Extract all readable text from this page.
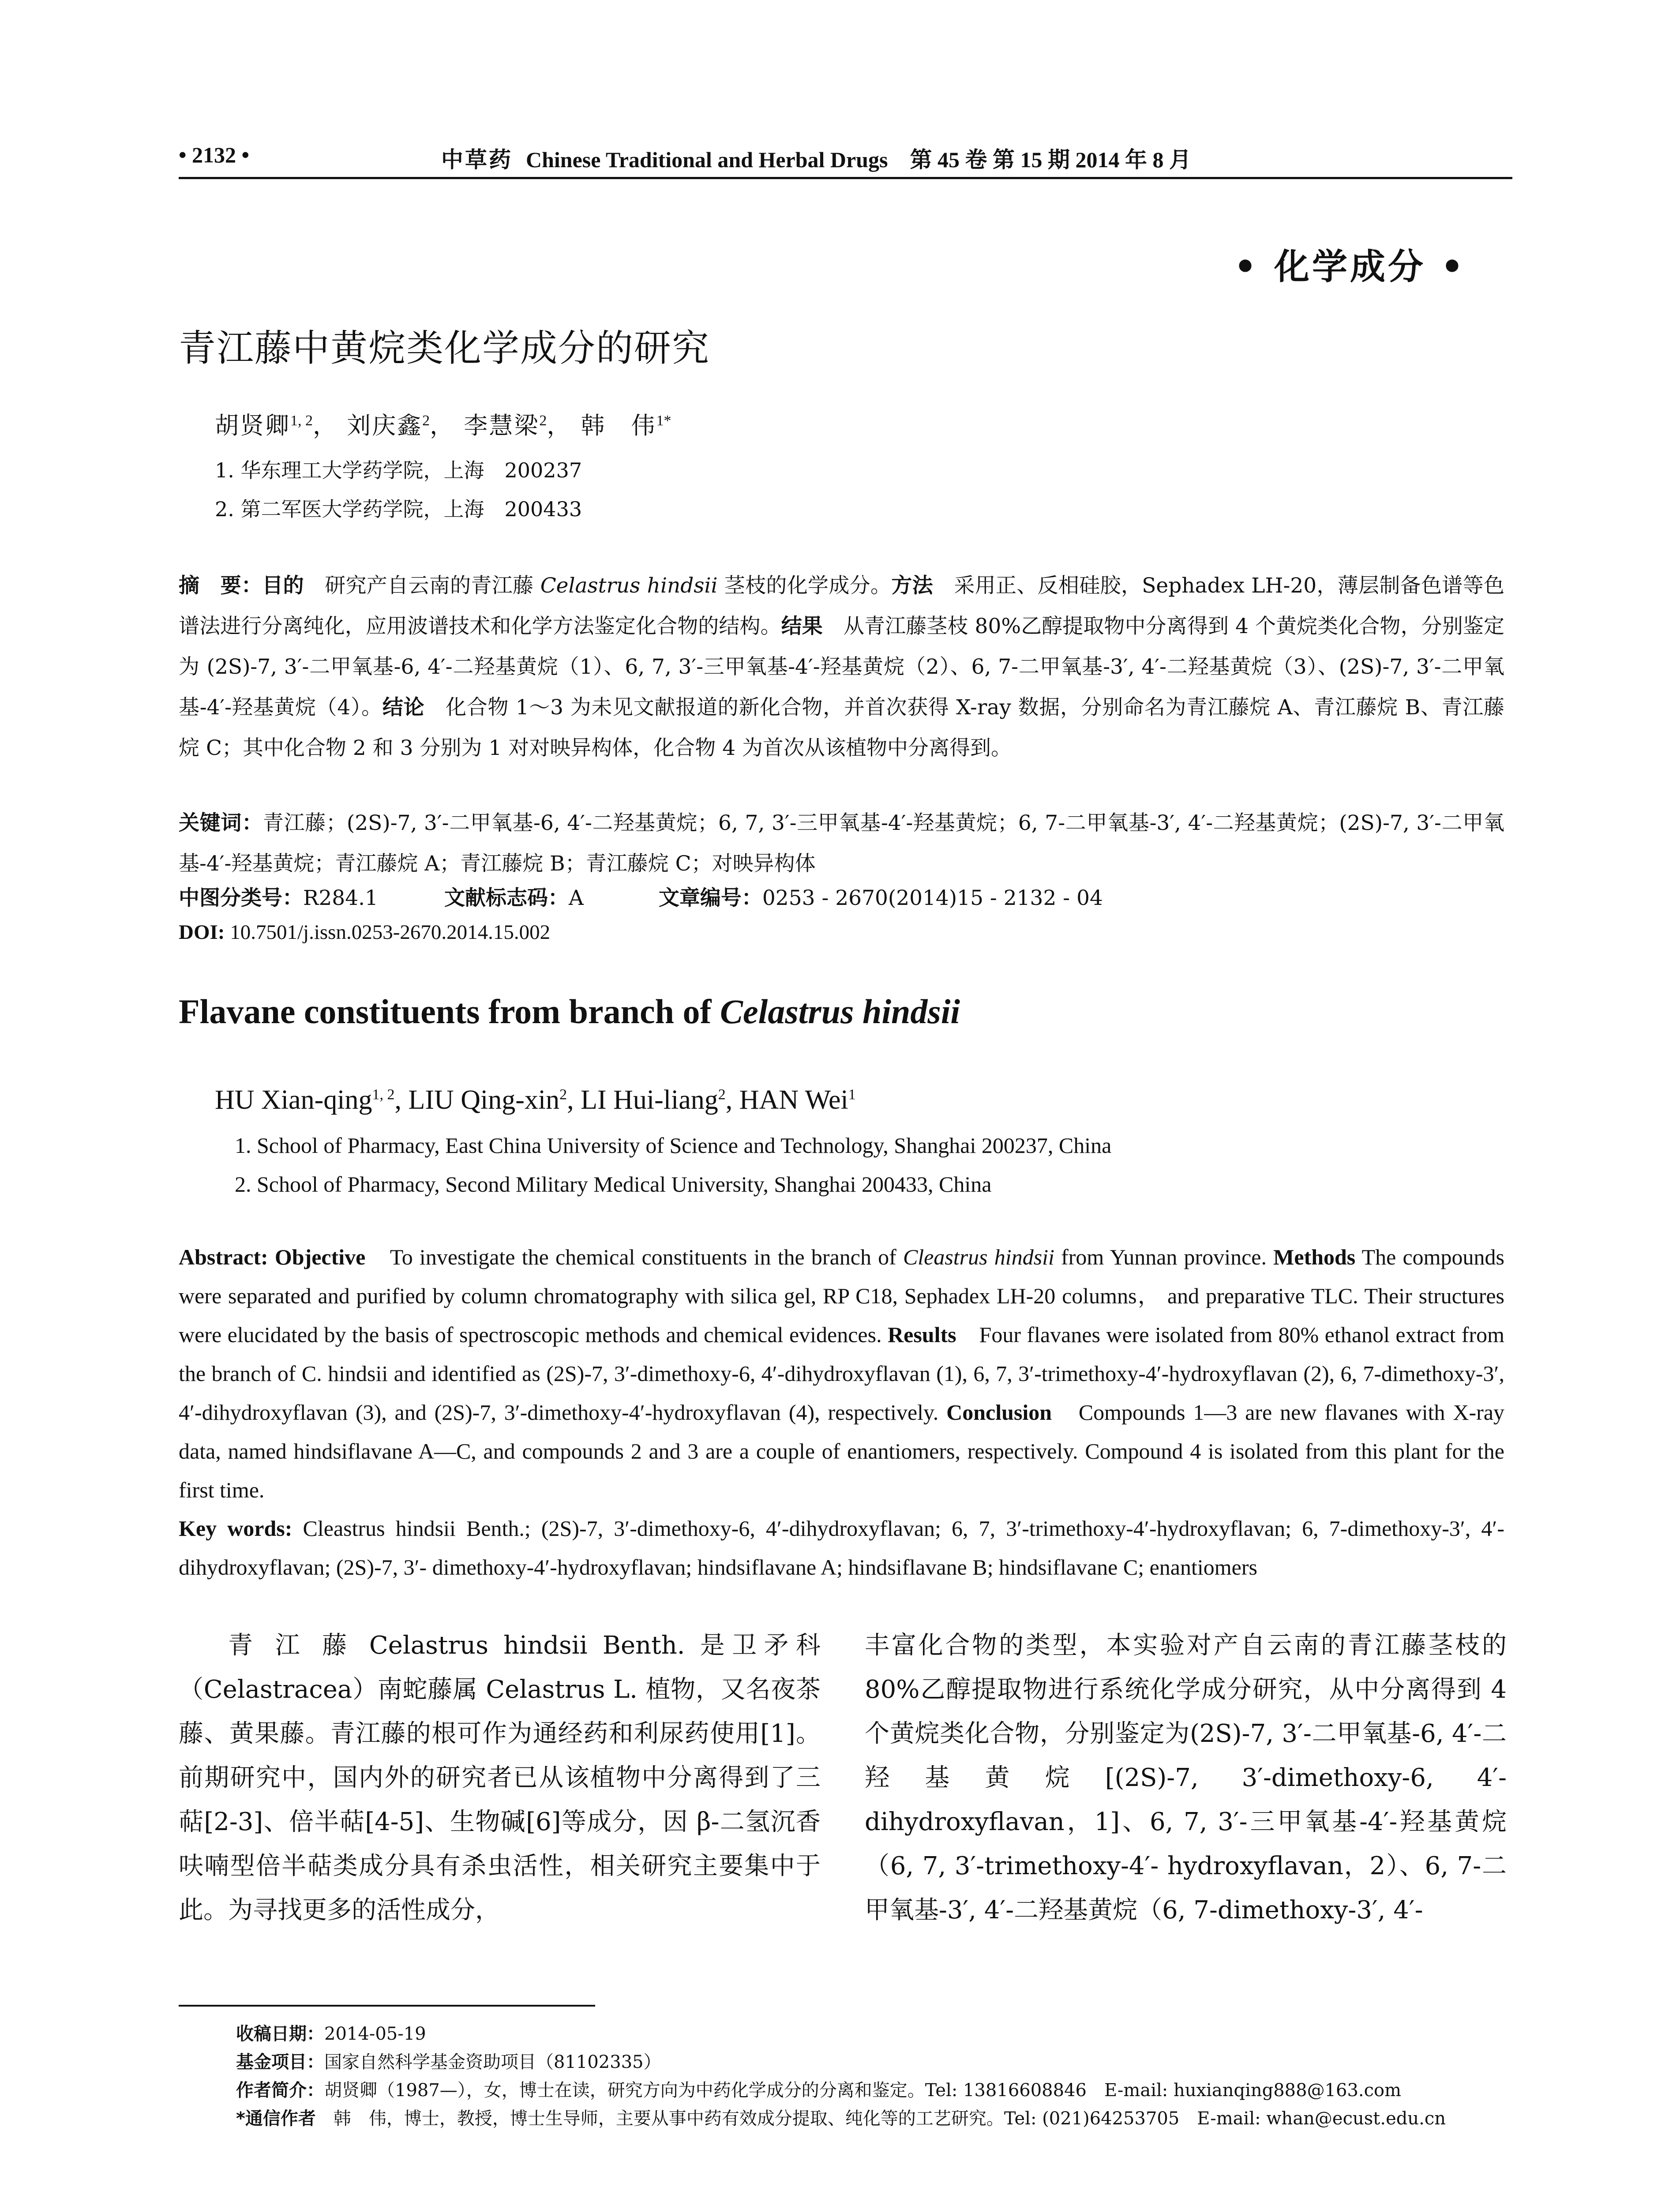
• 2132 •	中草药 Chinese Traditional and Herbal Drugs　 第 45 卷 第 15 期 2014 年 8 月
• 化学成分 •
青江藤中黄烷类化学成分的研究
胡贤卿$^{1, 2}$， 刘庆鑫$^2$， 李慧梁$^2$， 韩　伟$^{1*}$
1. 华东理工大学药学院，上海　200237
2. 第二军医大学药学院，上海　200433
摘　要：目的　 研究产自云南的青江藤 Celastrus hindsii 茎枝的化学成分。方法　 采用正、反相硅胶，Sephadex LH-20，薄层制备色谱等色谱法进行分离纯化，应用波谱技术和化学方法鉴定化合物的结构。结果　 从青江藤茎枝 80%乙醇提取物中分离得到 4 个黄烷类化合物，分别鉴定为 (2S)-7, 3′-二甲氧基-6, 4′-二羟基黄烷（1）、6, 7, 3′-三甲氧基-4′-羟基黄烷（2）、6, 7-二甲氧基-3′, 4′-二羟基黄烷（3）、(2S)-7, 3′-二甲氧基-4′-羟基黄烷（4）。结论　 化合物 1～3 为未见文献报道的新化合物，并首次获得 X-ray 数据，分别命名为青江藤烷 A、青江藤烷 B、青江藤烷 C；其中化合物 2 和 3 分别为 1 对对映异构体，化合物 4 为首次从该植物中分离得到。
关键词：青江藤；(2S)-7, 3′-二甲氧基-6, 4′-二羟基黄烷；6, 7, 3′-三甲氧基-4′-羟基黄烷；6, 7-二甲氧基-3′, 4′-二羟基黄烷；(2S)-7, 3′-二甲氧基-4′-羟基黄烷；青江藤烷 A；青江藤烷 B；青江藤烷 C；对映异构体
中图分类号：R284.1	文献标志码：A	文章编号：0253 - 2670(2014)15 - 2132 - 04
DOI: 10.7501/j.issn.0253-2670.2014.15.002
Flavane constituents from branch of Celastrus hindsii
HU Xian-qing$^{1, 2}$, LIU Qing-xin$^2$, LI Hui-liang$^2$, HAN Wei$^1$
1. School of Pharmacy, East China University of Science and Technology, Shanghai 200237, China
2. School of Pharmacy, Second Military Medical University, Shanghai 200433, China
Abstract: Objective　 To investigate the chemical constituents in the branch of Cleastrus hindsii from Yunnan province. Methods The compounds were separated and purified by column chromatography with silica gel, RP C18, Sephadex LH-20 columns， and preparative TLC. Their structures were elucidated by the basis of spectroscopic methods and chemical evidences. Results　 Four flavanes were isolated from 80% ethanol extract from the branch of C. hindsii and identified as (2S)-7, 3′-dimethoxy-6, 4′-dihydroxyflavan (1), 6, 7, 3′-trimethoxy-4′-hydroxyflavan (2), 6, 7-dimethoxy-3′, 4′-dihydroxyflavan (3), and (2S)-7, 3′-dimethoxy-4′-hydroxyflavan (4), respectively. Conclusion　 Compounds 1—3 are new flavanes with X-ray data, named hindsiflavane A—C, and compounds 2 and 3 are a couple of enantiomers, respectively. Compound 4 is isolated from this plant for the first time.
Key words: Cleastrus hindsii Benth.; (2S)-7, 3′-dimethoxy-6, 4′-dihydroxyflavan; 6, 7, 3′-trimethoxy-4′-hydroxyflavan; 6, 7-dimethoxy-3′, 4′-dihydroxyflavan; (2S)-7, 3′- dimethoxy-4′-hydroxyflavan; hindsiflavane A; hindsiflavane B; hindsiflavane C; enantiomers
青 江 藤 Celastrus hindsii Benth. 是卫矛科（Celastracea）南蛇藤属 Celastrus L. 植物，又名夜茶藤、黄果藤。青江藤的根可作为通经药和利尿药使用[1]。前期研究中，国内外的研究者已从该植物中分离得到了三萜[2-3]、倍半萜[4-5]、生物碱[6]等成分，因 β-二氢沉香呋喃型倍半萜类成分具有杀虫活性，相关研究主要集中于此。为寻找更多的活性成分，
丰富化合物的类型，本实验对产自云南的青江藤茎枝的 80%乙醇提取物进行系统化学成分研究，从中分离得到 4 个黄烷类化合物，分别鉴定为(2S)-7, 3′-二甲氧基-6, 4′-二羟基黄烷[(2S)-7, 3′-dimethoxy-6, 4′-dihydroxyflavan，1]、6, 7, 3′-三甲氧基-4′-羟基黄烷（6, 7, 3′-trimethoxy-4′- hydroxyflavan，2）、6, 7-二甲氧基-3′, 4′-二羟基黄烷（6, 7-dimethoxy-3′, 4′-
收稿日期：2014-05-19
基金项目：国家自然科学基金资助项目（81102335）
作者简介：胡贤卿（1987—），女，博士在读，研究方向为中药化学成分的分离和鉴定。Tel: 13816608846　E-mail: huxianqing888@163.com
*通信作者　韩　伟，博士，教授，博士生导师，主要从事中药有效成分提取、纯化等的工艺研究。Tel: (021)64253705　E-mail: whan@ecust.edu.cn
